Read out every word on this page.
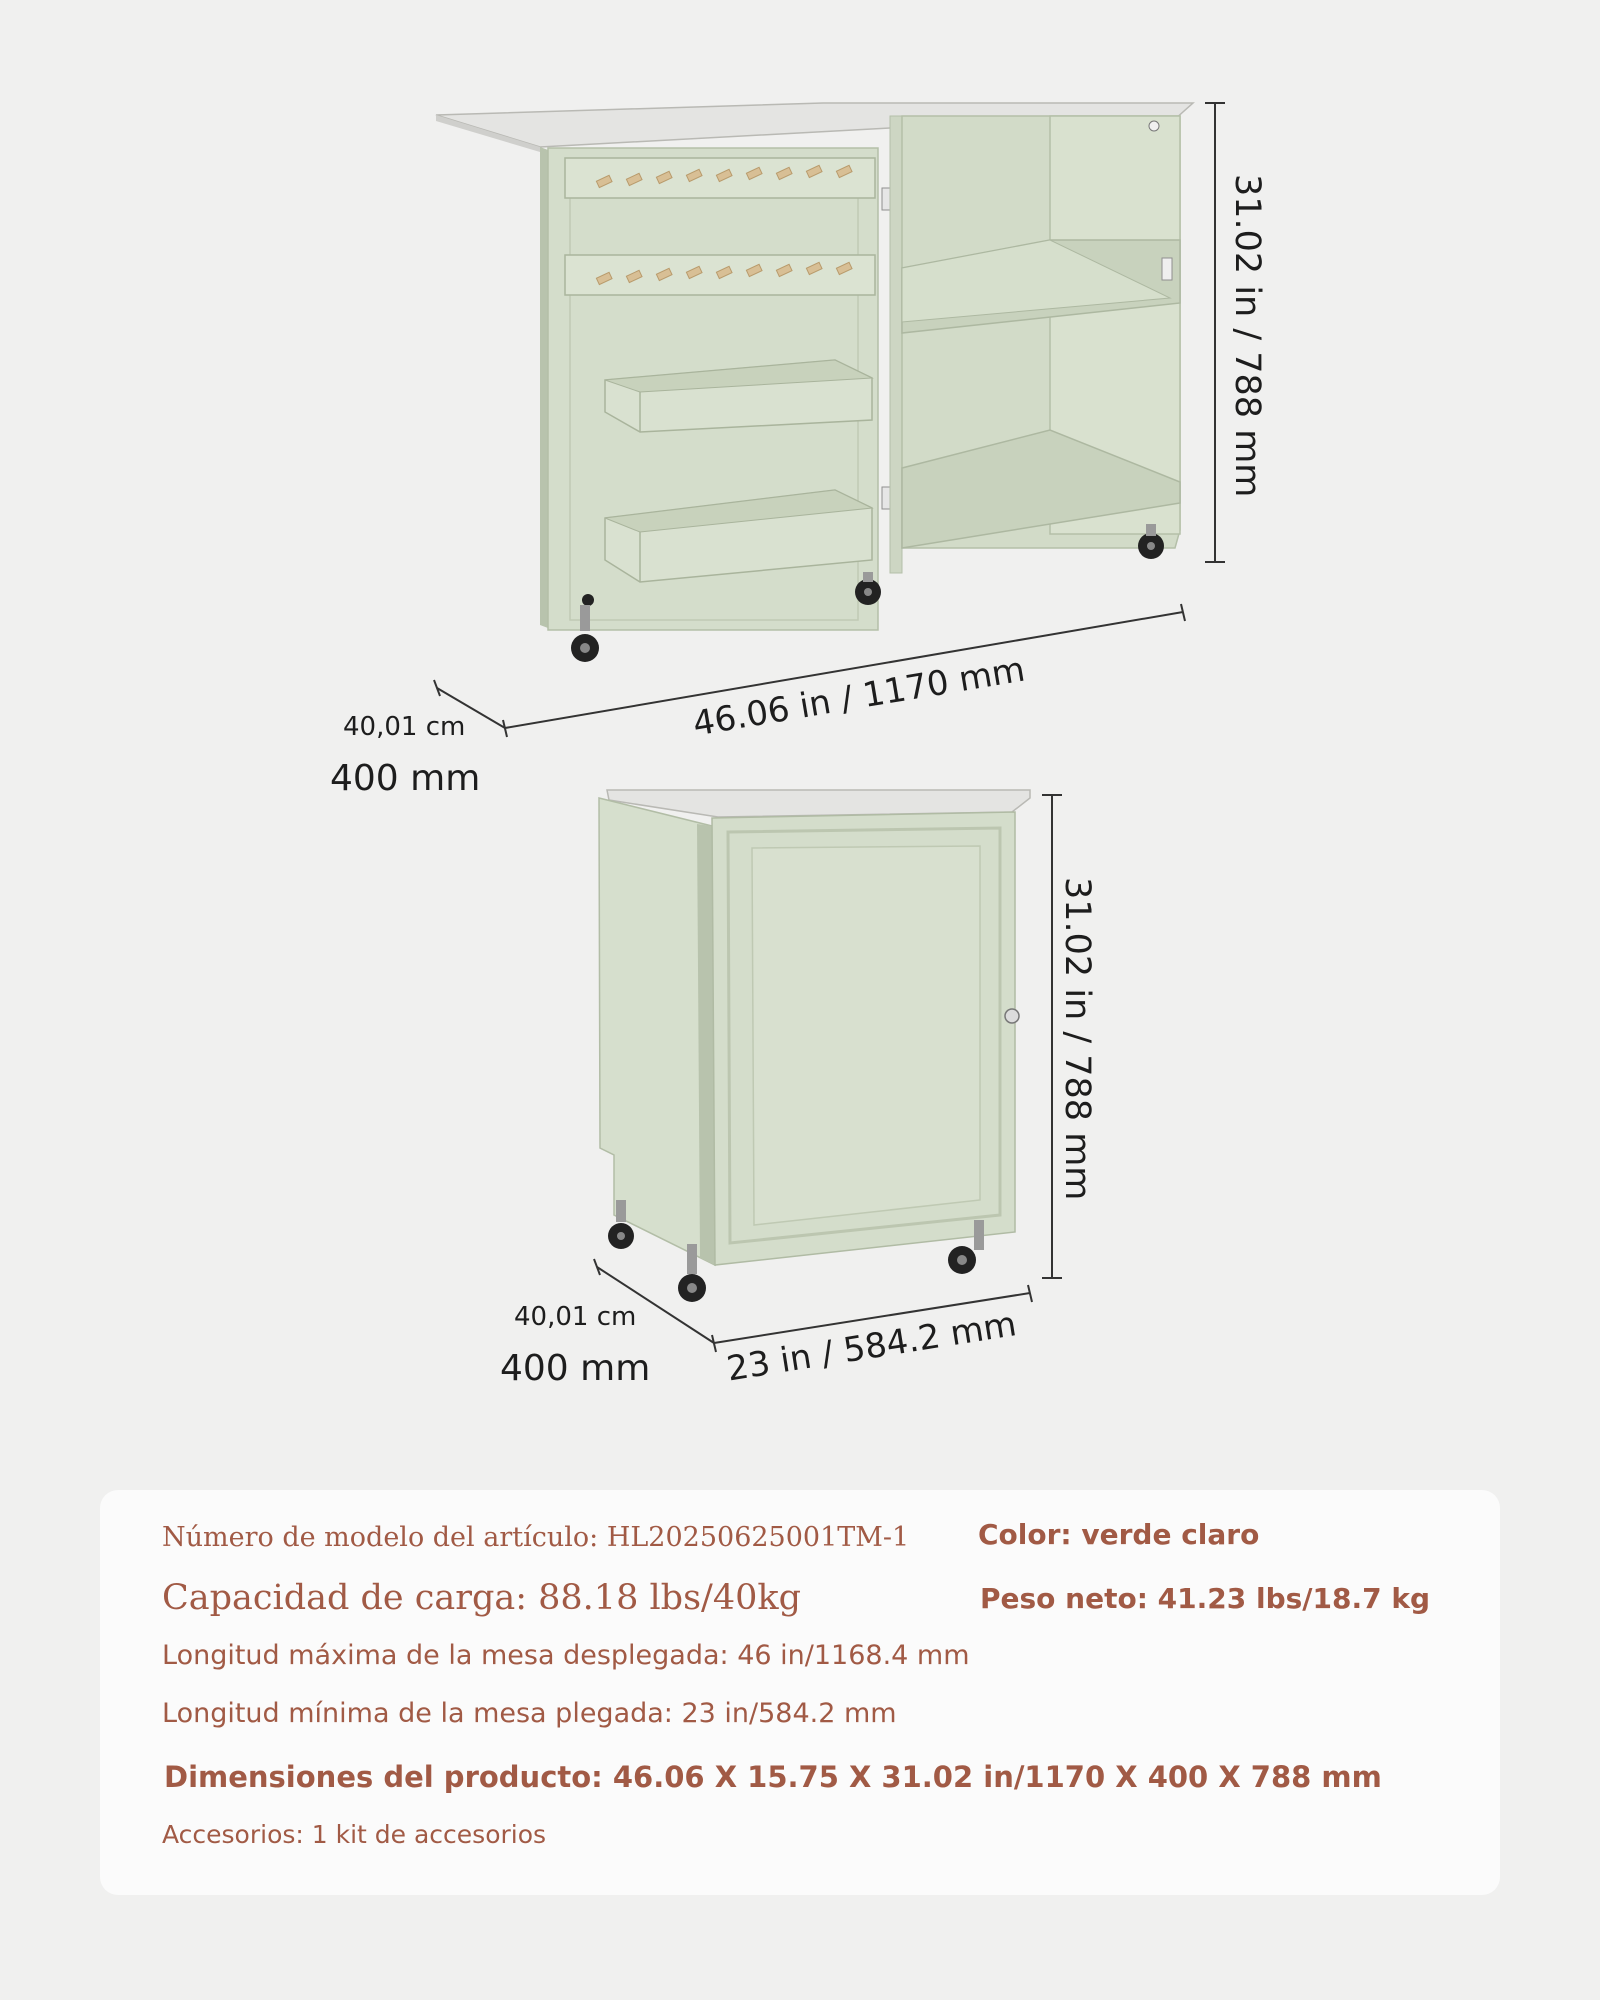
31.02 in / 788 mm
46.06 in / 1170 mm
40,01 cm
400 mm
31.02 in / 788 mm
23 in / 584.2 mm
40,01 cm
400 mm
Número de modelo del artículo: HL20250625001TM-1 Color: verde claro
Capacidad de carga: 88.18 lbs/40kg	Peso neto: 41.23 lbs/18.7 kg
Longitud máxima de la mesa desplegada: 46 in/1168.4 mm
Longitud mínima de la mesa plegada: 23 in/584.2 mm
Dimensiones del producto: 46.06 X 15.75 X 31.02 in/1170 X 400 X 788 mm
Accesorios: 1 kit de accesorios
